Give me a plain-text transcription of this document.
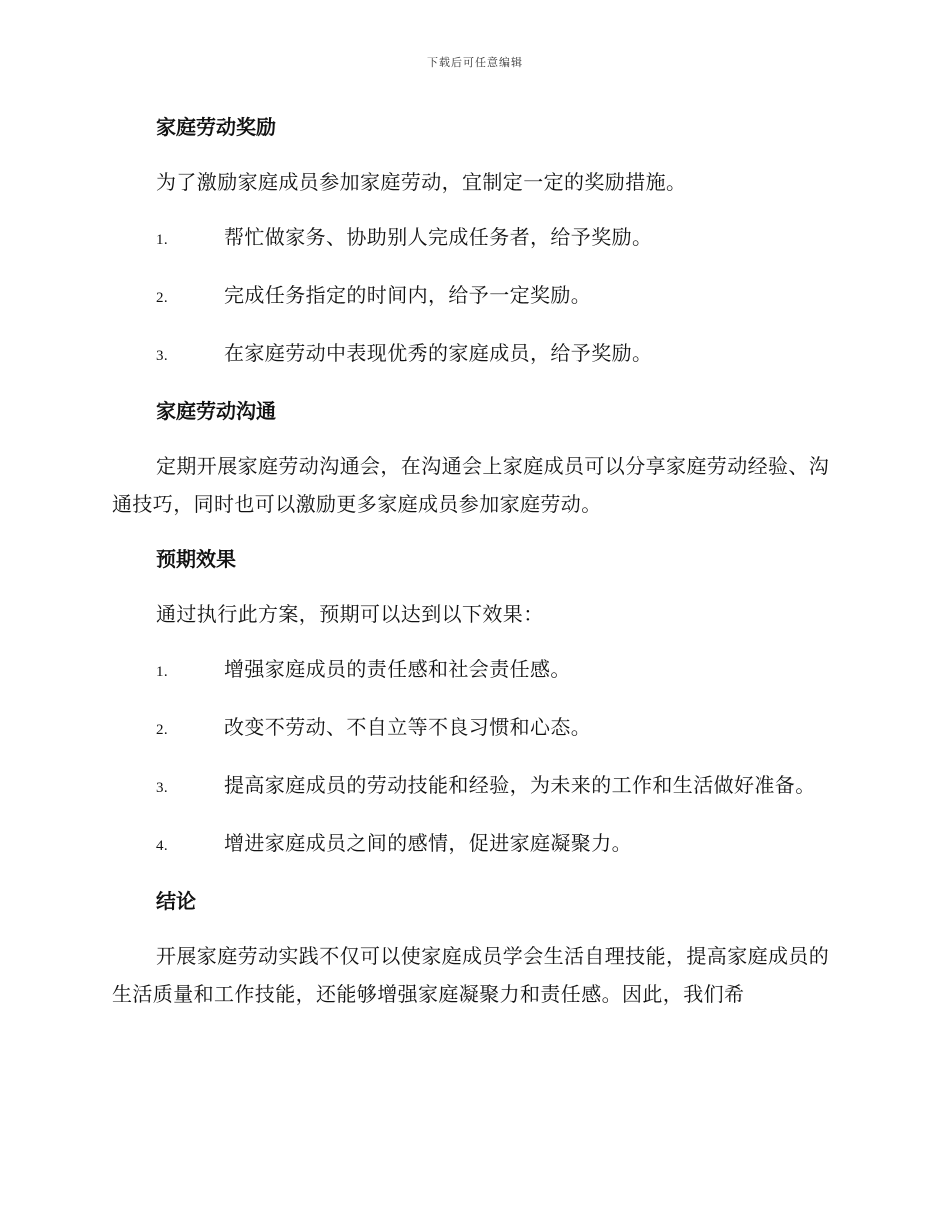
下载后可任意编辑
家庭劳动奖励
为了激励家庭成员参加家庭劳动，宜制定一定的奖励措施。
1.	帮忙做家务、协助别人完成任务者，给予奖励。
2.	完成任务指定的时间内，给予一定奖励。
3.	在家庭劳动中表现优秀的家庭成员，给予奖励。
家庭劳动沟通
定期开展家庭劳动沟通会，在沟通会上家庭成员可以分享家庭劳动经验、沟通技巧，同时也可以激励更多家庭成员参加家庭劳动。
预期效果
通过执行此方案，预期可以达到以下效果：
1.	增强家庭成员的责任感和社会责任感。
2.	改变不劳动、不自立等不良习惯和心态。
3.	提高家庭成员的劳动技能和经验，为未来的工作和生活做好准备。
4.	增进家庭成员之间的感情，促进家庭凝聚力。
结论
开展家庭劳动实践不仅可以使家庭成员学会生活自理技能，提高家庭成员的生活质量和工作技能，还能够增强家庭凝聚力和责任感。因此，我们希
